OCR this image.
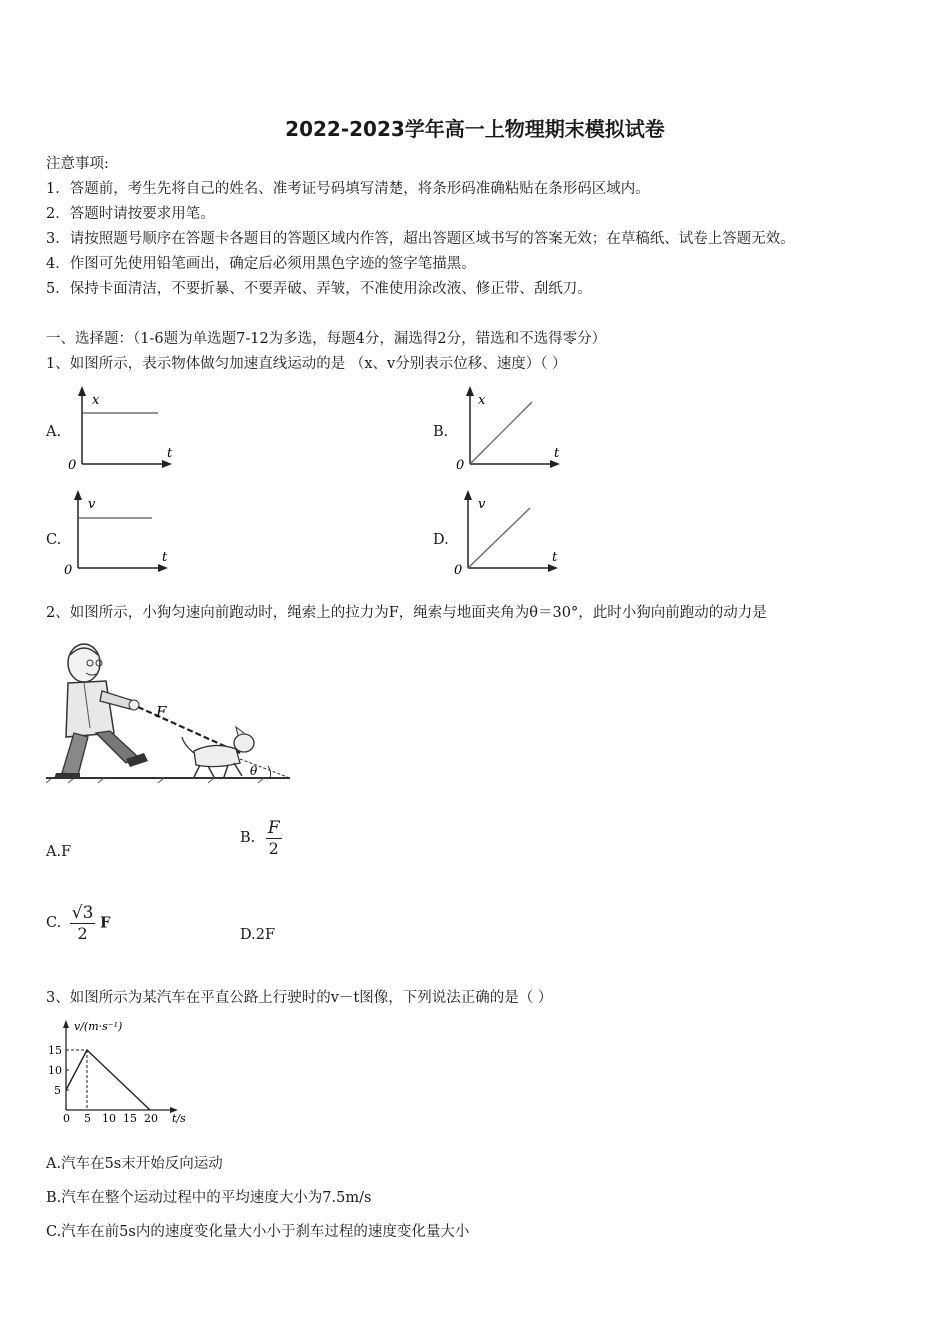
2022-2023学年高一上物理期末模拟试卷
注意事项:
1．答题前，考生先将自己的姓名、准考证号码填写清楚，将条形码准确粘贴在条形码区域内。
2．答题时请按要求用笔。
3．请按照题号顺序在答题卡各题目的答题区域内作答，超出答题区域书写的答案无效；在草稿纸、试卷上答题无效。
4．作图可先使用铅笔画出，确定后必须用黑色字迹的签字笔描黑。
5．保持卡面清洁，不要折暴、不要弄破、弄皱，不准使用涂改液、修正带、刮纸刀。
一、选择题：（1-6题为单选题7-12为多选，每题4分，漏选得2分，错选和不选得零分）
1、如图所示，表示物体做匀加速直线运动的是 （x、v分别表示位移、速度）（ ）
A.
x
t
0
B.
x
t
0
C.
v
t
0
D.
v
t
0
2、如图所示，小狗匀速向前跑动时，绳索上的拉力为F，绳索与地面夹角为θ＝30°，此时小狗向前跑动的动力是
F
θ
A.F
B. $\frac{F}{2}$
C. $\frac{√3}{2}$ F
D.2F
3、如图所示为某汽车在平直公路上行驶时的v－t图像，下列说法正确的是（ ）
0 5 10 15 20
5
10
15
v/(m·s⁻¹)
t/s
A.汽车在5s末开始反向运动
B.汽车在整个运动过程中的平均速度大小为7.5m/s
C.汽车在前5s内的速度变化量大小小于刹车过程的速度变化量大小
